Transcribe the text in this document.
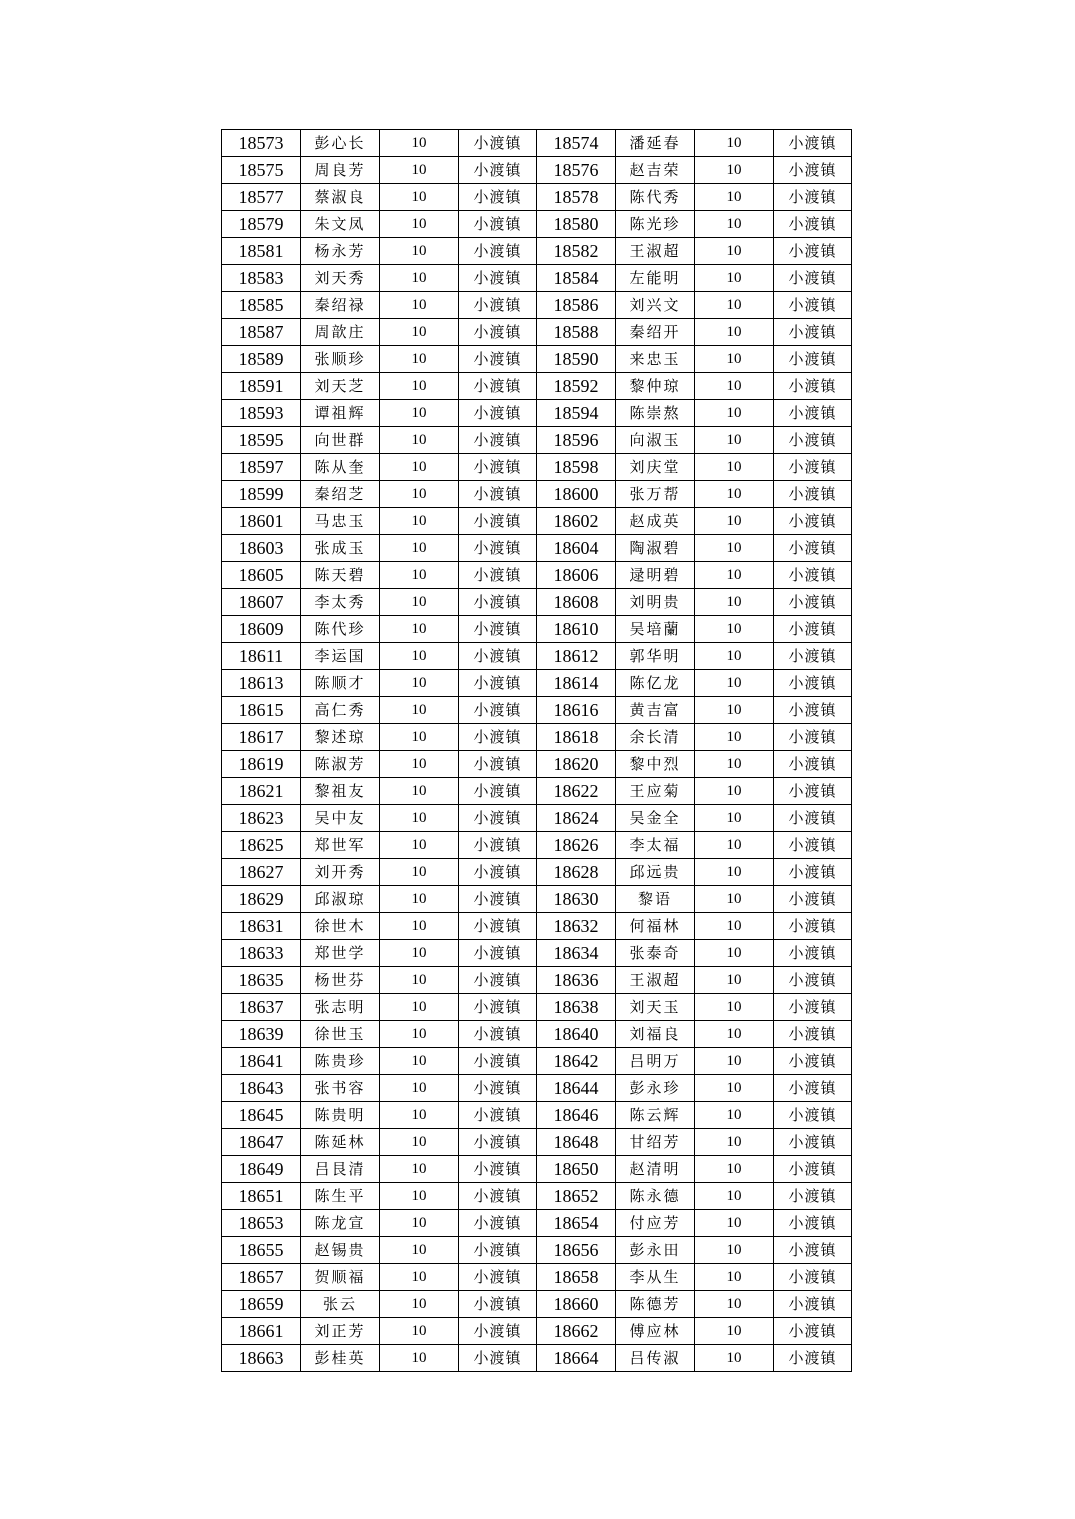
18573	彭心长	10	小渡镇	18574	潘延春	10	小渡镇
18575	周良芳	10	小渡镇	18576	赵吉荣	10	小渡镇
18577	蔡淑良	10	小渡镇	18578	陈代秀	10	小渡镇
18579	朱文凤	10	小渡镇	18580	陈光珍	10	小渡镇
18581	杨永芳	10	小渡镇	18582	王淑超	10	小渡镇
18583	刘天秀	10	小渡镇	18584	左能明	10	小渡镇
18585	秦绍禄	10	小渡镇	18586	刘兴文	10	小渡镇
18587	周歆庄	10	小渡镇	18588	秦绍开	10	小渡镇
18589	张顺珍	10	小渡镇	18590	来忠玉	10	小渡镇
18591	刘天芝	10	小渡镇	18592	黎仲琼	10	小渡镇
18593	谭祖辉	10	小渡镇	18594	陈崇熬	10	小渡镇
18595	向世群	10	小渡镇	18596	向淑玉	10	小渡镇
18597	陈从奎	10	小渡镇	18598	刘庆堂	10	小渡镇
18599	秦绍芝	10	小渡镇	18600	张万帮	10	小渡镇
18601	马忠玉	10	小渡镇	18602	赵成英	10	小渡镇
18603	张成玉	10	小渡镇	18604	陶淑碧	10	小渡镇
18605	陈天碧	10	小渡镇	18606	逯明碧	10	小渡镇
18607	李太秀	10	小渡镇	18608	刘明贵	10	小渡镇
18609	陈代珍	10	小渡镇	18610	吴培蘭	10	小渡镇
18611	李运国	10	小渡镇	18612	郭华明	10	小渡镇
18613	陈顺才	10	小渡镇	18614	陈亿龙	10	小渡镇
18615	高仁秀	10	小渡镇	18616	黄吉富	10	小渡镇
18617	黎述琼	10	小渡镇	18618	余长清	10	小渡镇
18619	陈淑芳	10	小渡镇	18620	黎中烈	10	小渡镇
18621	黎祖友	10	小渡镇	18622	王应菊	10	小渡镇
18623	吴中友	10	小渡镇	18624	吴金全	10	小渡镇
18625	郑世军	10	小渡镇	18626	李太福	10	小渡镇
18627	刘开秀	10	小渡镇	18628	邱远贵	10	小渡镇
18629	邱淑琼	10	小渡镇	18630	黎语	10	小渡镇
18631	徐世木	10	小渡镇	18632	何福林	10	小渡镇
18633	郑世学	10	小渡镇	18634	张泰奇	10	小渡镇
18635	杨世芬	10	小渡镇	18636	王淑超	10	小渡镇
18637	张志明	10	小渡镇	18638	刘天玉	10	小渡镇
18639	徐世玉	10	小渡镇	18640	刘福良	10	小渡镇
18641	陈贵珍	10	小渡镇	18642	吕明万	10	小渡镇
18643	张书容	10	小渡镇	18644	彭永珍	10	小渡镇
18645	陈贵明	10	小渡镇	18646	陈云辉	10	小渡镇
18647	陈延林	10	小渡镇	18648	甘绍芳	10	小渡镇
18649	吕艮清	10	小渡镇	18650	赵清明	10	小渡镇
18651	陈生平	10	小渡镇	18652	陈永德	10	小渡镇
18653	陈龙宣	10	小渡镇	18654	付应芳	10	小渡镇
18655	赵锡贵	10	小渡镇	18656	彭永田	10	小渡镇
18657	贺顺福	10	小渡镇	18658	李从生	10	小渡镇
18659	张云	10	小渡镇	18660	陈德芳	10	小渡镇
18661	刘正芳	10	小渡镇	18662	傅应林	10	小渡镇
18663	彭桂英	10	小渡镇	18664	吕传淑	10	小渡镇
